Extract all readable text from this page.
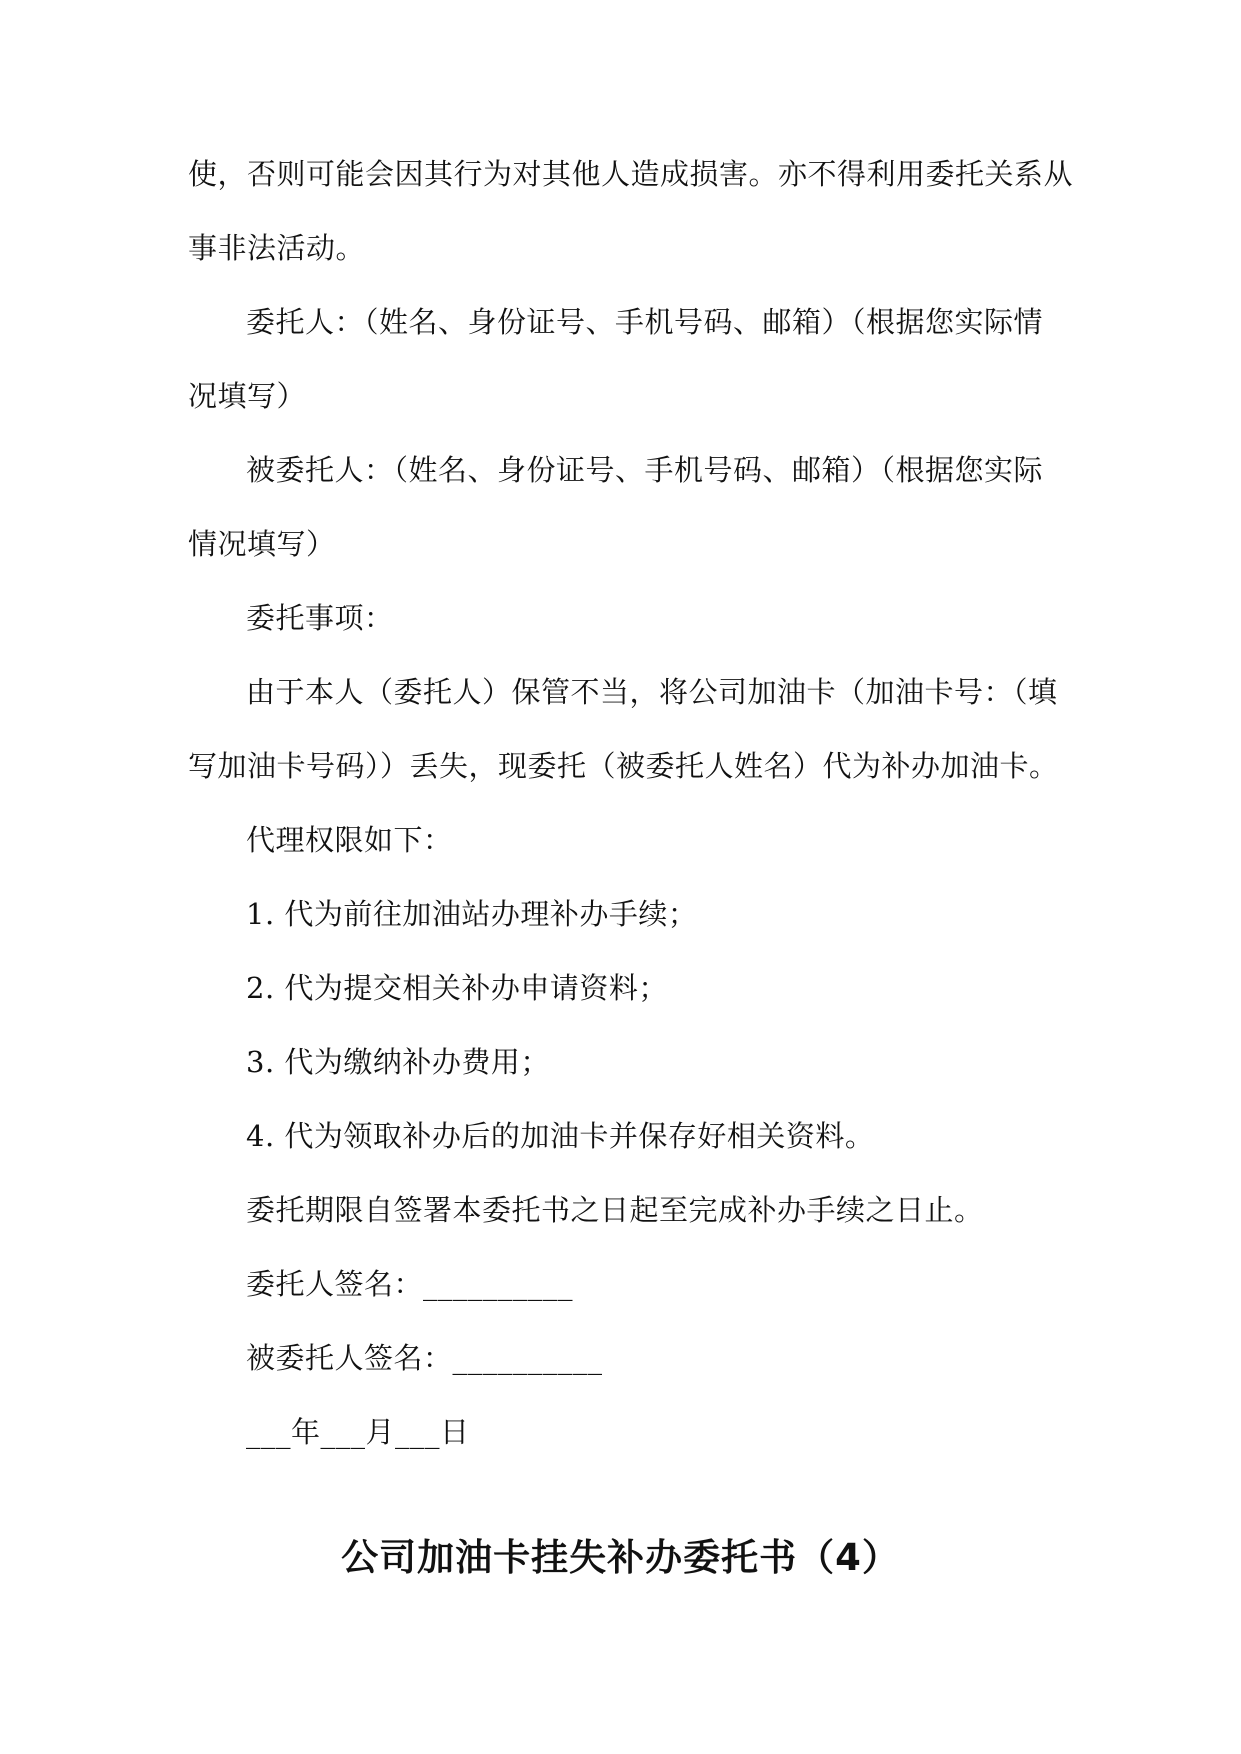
使，否则可能会因其行为对其他人造成损害。亦不得利用委托关系从
事非法活动。
委托人：（姓名、身份证号、手机号码、邮箱）（根据您实际情
况填写）
被委托人：（姓名、身份证号、手机号码、邮箱）（根据您实际
情况填写）
委托事项：
由于本人（委托人）保管不当，将公司加油卡（加油卡号：（填
写加油卡号码））丢失，现委托（被委托人姓名）代为补办加油卡。
代理权限如下：
1. 代为前往加油站办理补办手续；
2. 代为提交相关补办申请资料；
3. 代为缴纳补办费用；
4. 代为领取补办后的加油卡并保存好相关资料。
委托期限自签署本委托书之日起至完成补办手续之日止。
委托人签名：__________
被委托人签名：__________
___年___月___日
公司加油卡挂失补办委托书（4）
